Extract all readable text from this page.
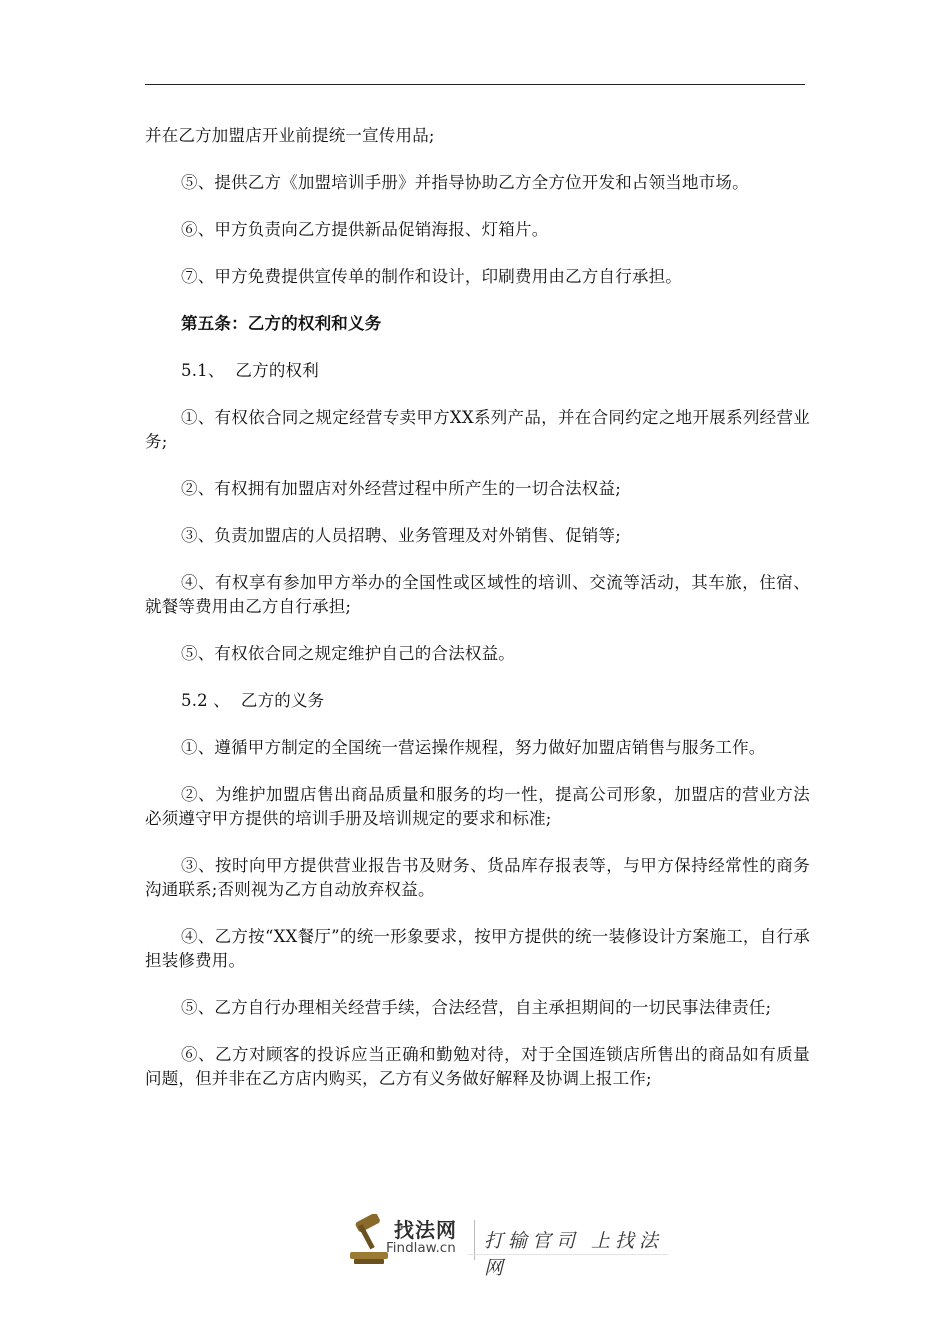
并在乙方加盟店开业前提统一宣传用品;

⑤、提供乙方《加盟培训手册》并指导协助乙方全方位开发和占领当地市场。

⑥、甲方负责向乙方提供新品促销海报、灯箱片。

⑦、甲方免费提供宣传单的制作和设计，印刷费用由乙方自行承担。

第五条：乙方的权利和义务

5.1、  乙方的权利

①、有权依合同之规定经营专卖甲方XX系列产品，并在合同约定之地开展系列经营业务;

②、有权拥有加盟店对外经营过程中所产生的一切合法权益;

③、负责加盟店的人员招聘、业务管理及对外销售、促销等;

④、有权享有参加甲方举办的全国性或区域性的培训、交流等活动，其车旅，住宿、就餐等费用由乙方自行承担;

⑤、有权依合同之规定维护自己的合法权益。

5.2 、  乙方的义务

①、遵循甲方制定的全国统一营运操作规程，努力做好加盟店销售与服务工作。

②、为维护加盟店售出商品质量和服务的均一性，提高公司形象，加盟店的营业方法必须遵守甲方提供的培训手册及培训规定的要求和标准;

③、按时向甲方提供营业报告书及财务、货品库存报表等，与甲方保持经常性的商务沟通联系;否则视为乙方自动放弃权益。

④、乙方按“XX餐厅”的统一形象要求，按甲方提供的统一装修设计方案施工，自行承担装修费用。

⑤、乙方自行办理相关经营手续，合法经营，自主承担期间的一切民事法律责任;

⑥、乙方对顾客的投诉应当正确和勤勉对待，对于全国连锁店所售出的商品如有质量问题，但并非在乙方店内购买，乙方有义务做好解释及协调上报工作;

找法网
Findlaw.cn 打输官司 上找法网
